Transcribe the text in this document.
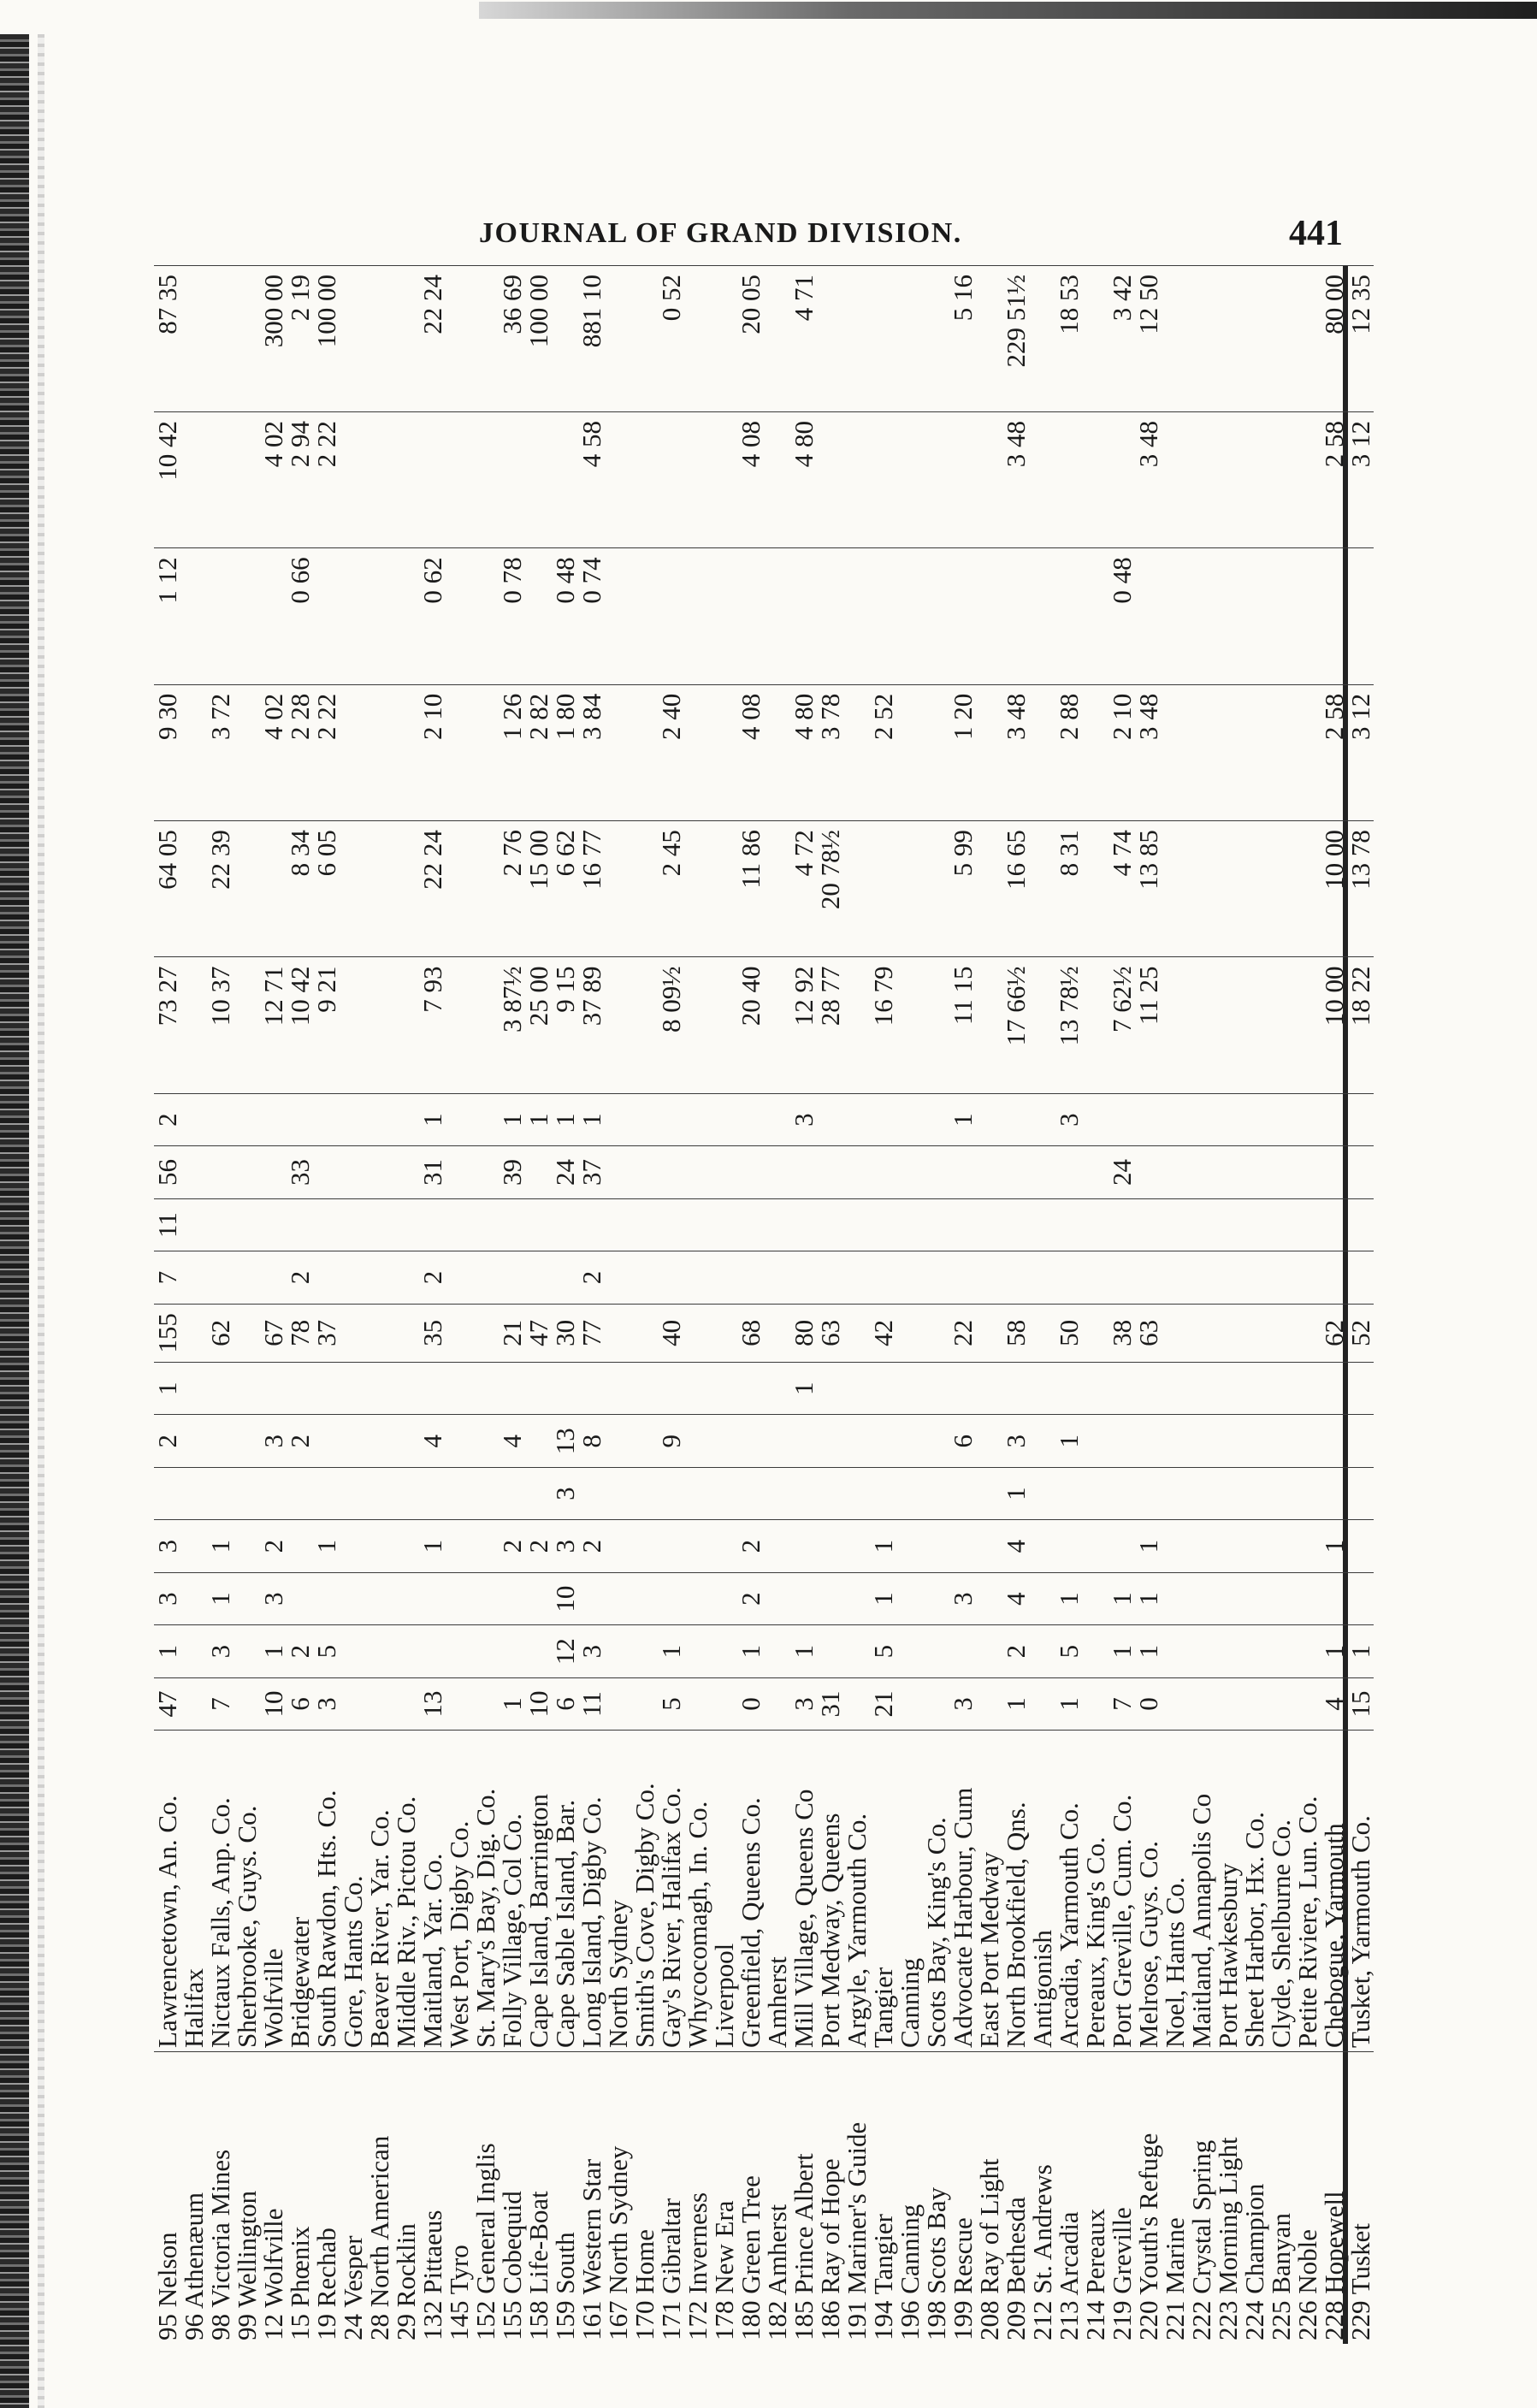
JOURNAL OF GRAND DIVISION.	441
95 Nelson	Lawrencetown, An. Co.	47	1	3	3		2	1	155	7	11	56	2	73 27	64 05	9 30	1 12	10 42	87 35
96 Athenæum	Halifax																		
98 Victoria Mines	Nictaux Falls, Anp. Co.	7	3	1	1				62					10 37	22 39	3 72			
99 Wellington	Sherbrooke, Guys. Co.																		
12 Wolfville	Wolfville	10	1	3	2		3		67					12 71		4 02		4 02	300 00
15 Phœnix	Bridgewater	6	2				2		78	2		33		10 42	8 34	2 28	0 66	2 94	2 19
19 Rechab	South Rawdon, Hts. Co.	3	5		1				37					9 21	6 05	2 22		2 22	100 00
24 Vesper	Gore, Hants Co.																		
28 North American	Beaver River, Yar. Co.																		
29 Rocklin	Middle Riv., Pictou Co.																		
132 Pittaeus	Maitland, Yar. Co.	13			1		4		35	2		31	1	7 93	22 24	2 10	0 62		22 24
145 Tyro	West Port, Digby Co.																		
152 General Inglis	St. Mary's Bay, Dig. Co.																		
155 Cobequid	Folly Village, Col Co.	1			2		4		21			39	1	3 87½	2 76	1 26	0 78		36 69
158 Life-Boat	Cape Island, Barrington	10			2				47				1	25 00	15 00	2 82			100 00
159 South	Cape Sable Island, Bar.	6	12	10	3	3	13		30			24	1	9 15	6 62	1 80	0 48		
161 Western Star	Long Island, Digby Co.	11	3		2		8		77	2		37	1	37 89	16 77	3 84	0 74	4 58	881 10
167 North Sydney	North Sydney																		
170 Home	Smith's Cove, Digby Co.																		
171 Gibraltar	Gay's River, Halifax Co.	5	1				9		40					8 09½	2 45	2 40			0 52
172 Inverness	Whycocomagh, In. Co.																		
178 New Era	Liverpool																		
180 Green Tree	Greenfield, Queens Co.	0	1	2	2				68					20 40	11 86	4 08		4 08	20 05
182 Amherst	Amherst																		
185 Prince Albert	Mill Village, Queens Co	3	1					1	80				3	12 92	4 72	4 80		4 80	4 71
186 Ray of Hope	Port Medway, Queens	31							63					28 77	20 78½	3 78			
191 Mariner's Guide	Argyle, Yarmouth Co.																		
194 Tangier	Tangier	21	5	1	1				42					16 79		2 52			
196 Canning	Canning																		
198 Scots Bay	Scots Bay, King's Co.																		
199 Rescue	Advocate Harbour, Cum	3		3			6		22				1	11 15	5 99	1 20			5 16
208 Ray of Light	East Port Medway																		
209 Bethesda	North Brookfield, Qns.	1	2	4	4	1	3		58					17 66½	16 65	3 48		3 48	229 51½
212 St. Andrews	Antigonish																		
213 Arcadia	Arcadia, Yarmouth Co.	1	5	1			1		50				3	13 78½	8 31	2 88			18 53
214 Pereaux	Pereaux, King's Co.																		
219 Greville	Port Greville, Cum. Co.	7	1	1					38			24		7 62½	4 74	2 10	0 48		3 42
220 Youth's Refuge	Melrose, Guys. Co.	0	1	1	1				63					11 25	13 85	3 48		3 48	12 50
221 Marine	Noel, Hants Co.																		
222 Crystal Spring	Maitland, Annapolis Co																		
223 Morning Light	Port Hawkesbury																		
224 Champion	Sheet Harbor, Hx. Co.																		
225 Banyan	Clyde, Shelburne Co.																		
226 Noble	Petite Riviere, Lun. Co.																		
228 Hopewell	Chebogue, Yarmouth	4	1		1				62					10 00	10 00	2 58		2 58	80 00
229 Tusket	Tusket, Yarmouth Co.	15	1						52					18 22	13 78	3 12		3 12	12 35
